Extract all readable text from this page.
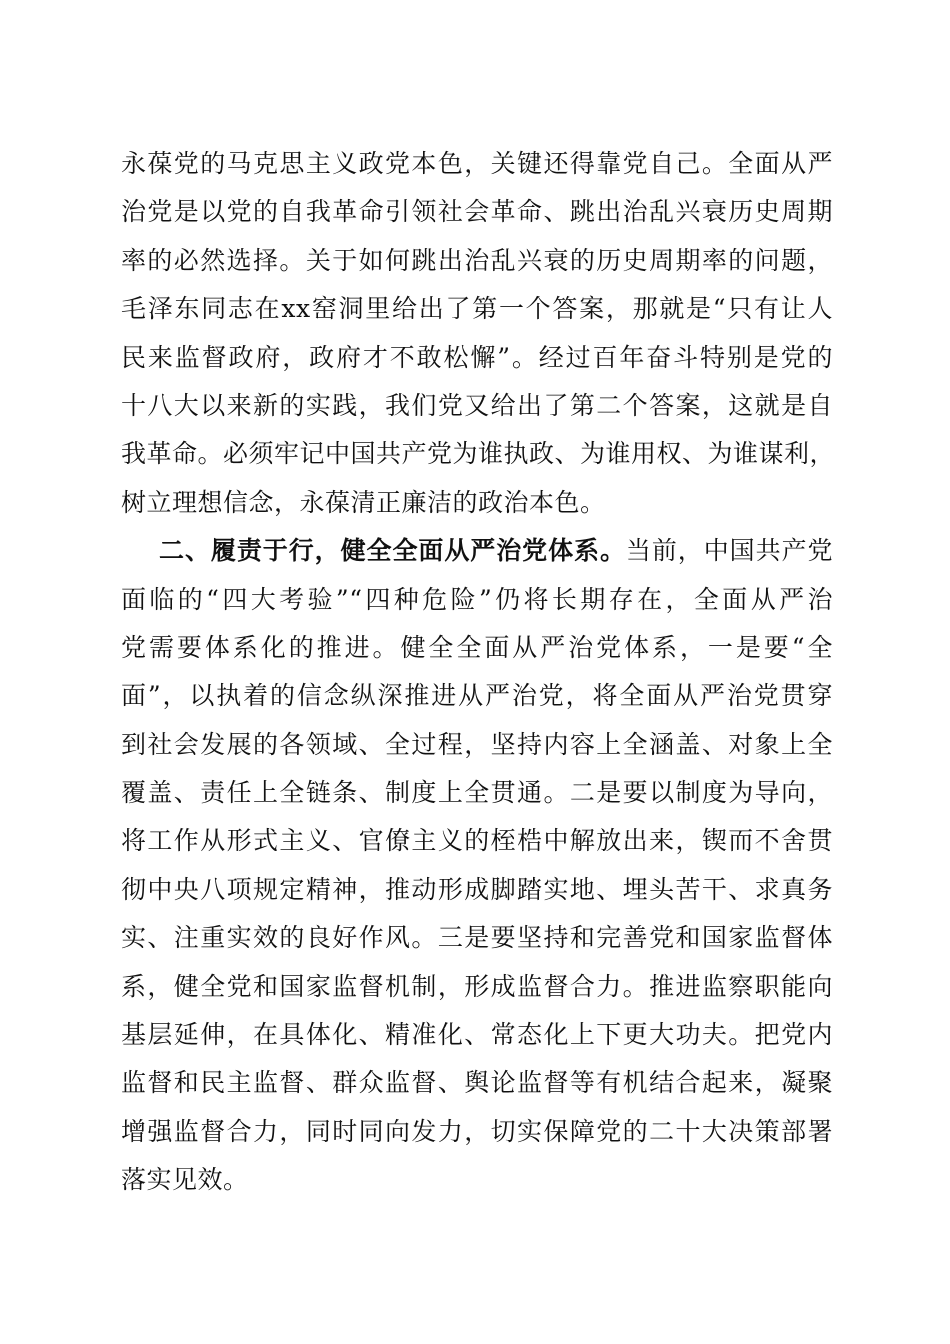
永葆党的马克思主义政党本色，关键还得靠党自己。全面从严
治党是以党的自我革命引领社会革命、跳出治乱兴衰历史周期
率的必然选择。关于如何跳出治乱兴衰的历史周期率的问题，
毛泽东同志在xx窑洞里给出了第一个答案，那就是“只有让人
民来监督政府，政府才不敢松懈”。经过百年奋斗特别是党的
十八大以来新的实践，我们党又给出了第二个答案，这就是自
我革命。必须牢记中国共产党为谁执政、为谁用权、为谁谋利，
树立理想信念，永葆清正廉洁的政治本色。
二、履责于行，健全全面从严治党体系。当前，中国共产党
面临的“四大考验”“四种危险”仍将长期存在，全面从严治
党需要体系化的推进。健全全面从严治党体系，一是要“全
面”，以执着的信念纵深推进从严治党，将全面从严治党贯穿
到社会发展的各领域、全过程，坚持内容上全涵盖、对象上全
覆盖、责任上全链条、制度上全贯通。二是要以制度为导向，
将工作从形式主义、官僚主义的桎梏中解放出来，锲而不舍贯
彻中央八项规定精神，推动形成脚踏实地、埋头苦干、求真务
实、注重实效的良好作风。三是要坚持和完善党和国家监督体
系，健全党和国家监督机制，形成监督合力。推进监察职能向
基层延伸，在具体化、精准化、常态化上下更大功夫。把党内
监督和民主监督、群众监督、舆论监督等有机结合起来，凝聚
增强监督合力，同时同向发力，切实保障党的二十大决策部署
落实见效。
